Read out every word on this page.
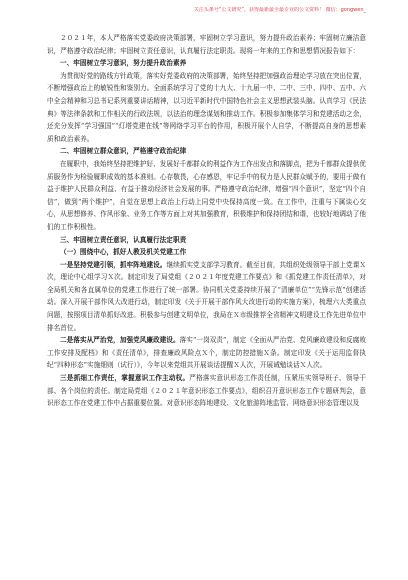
关注头条号“公文研究”，获得最新最全最专业的公文资料！ 微信：gongwen_

２０２１年，本人严格落实党委政府决策部署，牢固树立学习意识，努力提升政治素养；牢固树立廉洁意识，严格遵守政治纪律；牢固树立责任意识，认真履行法定职责。现将一年来的工作和思想情况报告如下：

一、牢固树立学习意识，努力提升政治素养

为贯彻好党的路线方针政策，落实好党委政府的决策部署，始终坚持把加强政治理论学习放在突出位置，不断增强政治上的敏锐性和鉴别力。全面系统学习了党的十九大、十九届一中、二中、三中、四中、五中、六中全会精神和习总书记系列重要讲话精神，以习近平新时代中国特色社会主义思想武装头脑。认真学习《民法典》等法律条款和工作相关的行政法规，以法治的理念谋划和推动工作。积极参加集体学习和党建活动之余，还充分发挥“学习强国”“灯塔党建在线”等网络学习平台的作用，积极开展个人自学，不断提高自身的思想素质和政治素养。

二、牢固树立群众意识，严格遵守政治纪律

在履职中，我始终坚持把维护好、发展好千都群众的利益作为工作出发点和落脚点，把为千都群众提供优质服务作为检验履职成效的基本准则。心存敬畏，心存感恩，牢记手中的权力是人民群众赋予的，要用于做有益于维护人民群众利益、有益于推动经济社会发展的事。严格遵守政治纪律，增强“四个意识”，坚定“四个自信”，做到“两个维护”，自觉在思想上政治上行动上同党中央保持高度一致。在工作中，注重与下属谈心交心，从思想修养、作风形象、业务工作等方面上对其加强教育，积极维护和保持团结和谐，也较好地调动了他们的工作积极性。

三、牢固树立责任意识，认真履行法定职责

（一）围绕中心，抓好人教及机关党建工作

一是坚持党建引领，抓牢阵地建设。继续抓实党支部学习教育。截至目前，共组织处级领导干部上党课Ｘ次，理论中心组学习Ｘ次。制定印发了局党组《２０２１年度党建工作要点》和《抓党建工作责任清单》，对全局机关和各直属单位的党建工作进行了统一部署。协同机关党委持续开展了“清廉单位”“先锋示范”创建活动。深入开展干部作风大改进行动，制定印发《关于开展干部作风大改进行动的实施方案》，梳理六大类重点问题，按照项目清单抓好改进。积极参与创建文明单位，我局在Ｘ市级推荐全省精神文明建设工作先进单位中排名首位。

二是落实从严治党，加强党风廉政建设。落实“一岗双责”，制定《全面从严治党、党风廉政建设和反腐败工作安排及配档》和《责任清单》，排查廉政风险点Ｘ个，制定防控措施Ｘ条。制定印发《关于运用监督执纪“四种形态”实施细则（试行）》，今年以来党组共开展谈话提醒Ｘ人次，开展诫勉谈话Ｘ人次。

三是抓细工作责任，掌握意识工作主动权。严格落实意识形态工作责任制，压紧压实领导班子、领导干部、各个岗位的责任。制定局党组《２０２１年意识形态工作要点》，组织召开意识形态工作专题研判会，意识形态工作在党建工作中占据重要位置。对意识形态阵地建设、文化旅游阵地监管、网络意识形态管理以及
